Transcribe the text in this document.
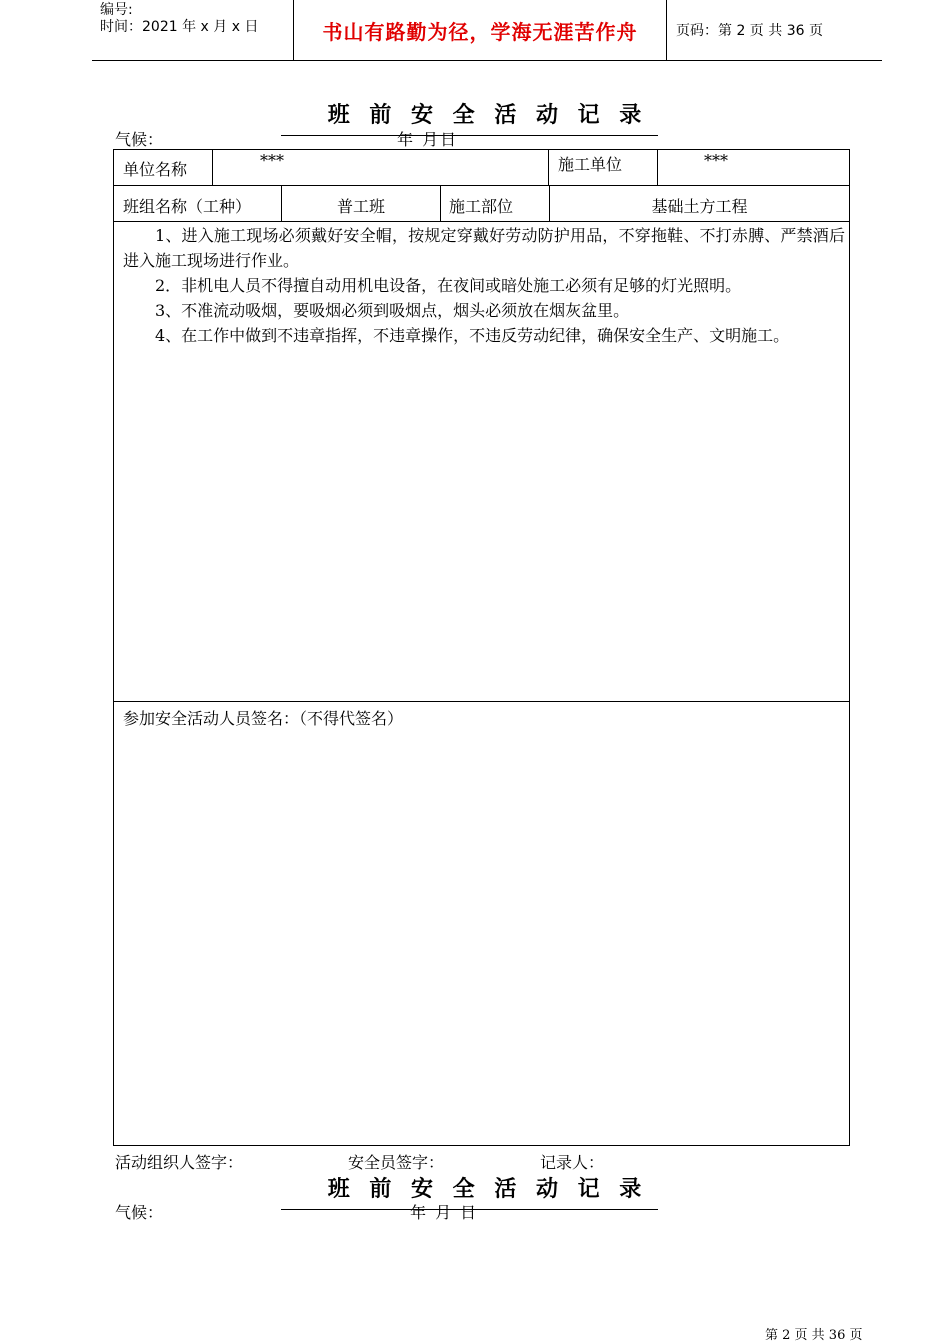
编号:
时间：2021 年 x 月 x 日	书山有路勤为径，学海无涯苦作舟	页码：第 2 页 共 36 页
班 前 安 全 活 动 记 录
气候：	年 月日
单位名称	***	施工单位	***
班组名称（工种）	普工班	施工部位	基础土方工程

1、进入施工现场必须戴好安全帽，按规定穿戴好劳动防护用品，不穿拖鞋、不打赤膊、严禁酒后进入施工现场进行作业。

2．非机电人员不得擅自动用机电设备，在夜间或暗处施工必须有足够的灯光照明。

3、不准流动吸烟，要吸烟必须到吸烟点，烟头必须放在烟灰盆里。

4、在工作中做到不违章指挥，不违章操作，不违反劳动纪律，确保安全生产、文明施工。

参加安全活动人员签名：（不得代签名）
活动组织人签字：	安全员签字：	记录人：
班 前 安 全 活 动 记 录
气候：	年 月 日
第 2 页 共 36 页
